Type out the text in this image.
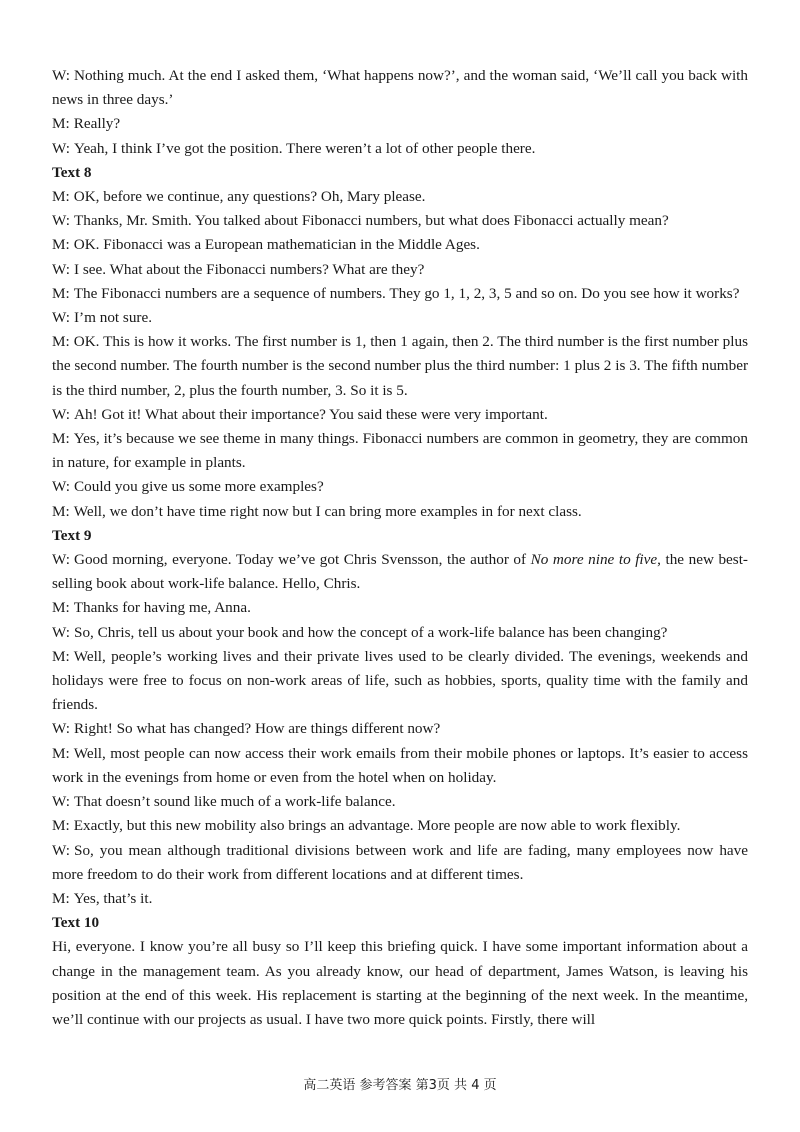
W: Nothing much. At the end I asked them, ‘What happens now?’, and the woman said, ‘We’ll call you back with news in three days.’

M: Really?

W: Yeah, I think I’ve got the position. There weren’t a lot of other people there.

Text 8

M: OK, before we continue, any questions? Oh, Mary please.

W: Thanks, Mr. Smith. You talked about Fibonacci numbers, but what does Fibonacci actually mean?

M: OK. Fibonacci was a European mathematician in the Middle Ages.

W: I see. What about the Fibonacci numbers? What are they?

M: The Fibonacci numbers are a sequence of numbers. They go 1, 1, 2, 3, 5 and so on. Do you see how it works?

W: I’m not sure.

M: OK. This is how it works. The first number is 1, then 1 again, then 2. The third number is the first number plus the second number. The fourth number is the second number plus the third number: 1 plus 2 is 3. The fifth number is the third number, 2, plus the fourth number, 3. So it is 5.

W: Ah! Got it! What about their importance? You said these were very important.

M: Yes, it’s because we see theme in many things. Fibonacci numbers are common in geometry, they are common in nature, for example in plants.

W: Could you give us some more examples?

M: Well, we don’t have time right now but I can bring more examples in for next class.

Text 9

W: Good morning, everyone. Today we’ve got Chris Svensson, the author of No more nine to five, the new best-selling book about work-life balance. Hello, Chris.

M: Thanks for having me, Anna.

W: So, Chris, tell us about your book and how the concept of a work-life balance has been changing?

M: Well, people’s working lives and their private lives used to be clearly divided. The evenings, weekends and holidays were free to focus on non-work areas of life, such as hobbies, sports, quality time with the family and friends.

W: Right! So what has changed? How are things different now?

M: Well, most people can now access their work emails from their mobile phones or laptops. It’s easier to access work in the evenings from home or even from the hotel when on holiday.

W: That doesn’t sound like much of a work-life balance.

M: Exactly, but this new mobility also brings an advantage. More people are now able to work flexibly.

W: So, you mean although traditional divisions between work and life are fading, many employees now have more freedom to do their work from different locations and at different times.

M: Yes, that’s it.

Text 10

Hi, everyone. I know you’re all busy so I’ll keep this briefing quick. I have some important information about a change in the management team. As you already know, our head of department, James Watson, is leaving his position at the end of this week. His replacement is starting at the beginning of the next week. In the meantime, we’ll continue with our projects as usual. I have two more quick points. Firstly, there will

高二英语 参考答案 第3页 共 4 页
